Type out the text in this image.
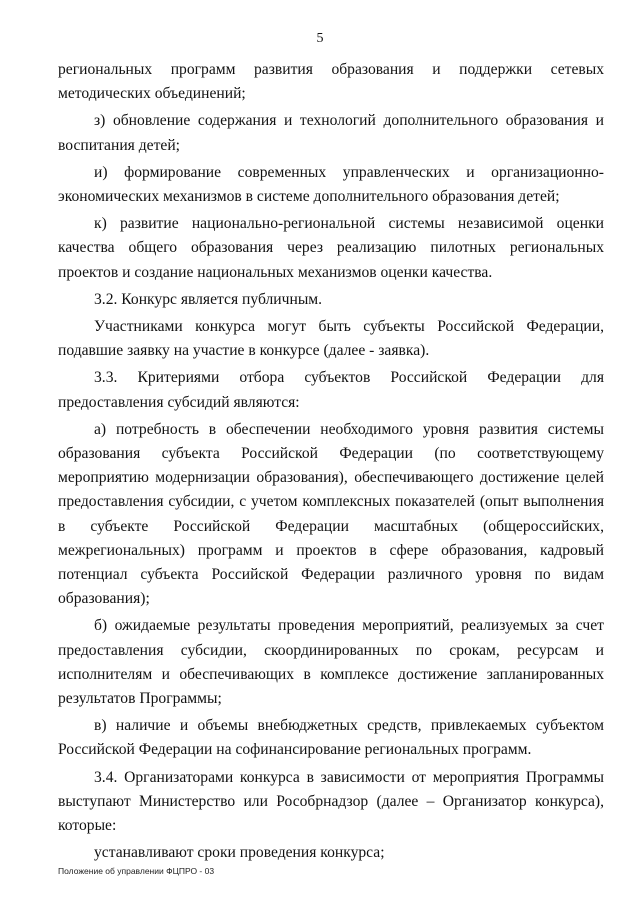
5

региональных программ развития образования и поддержки сетевых методических объединений;

з) обновление содержания и технологий дополнительного образования и воспитания детей;

и) формирование современных управленческих и организационно-экономических механизмов в системе дополнительного образования детей;

к) развитие национально-региональной системы независимой оценки качества общего образования через реализацию пилотных региональных проектов и создание национальных механизмов оценки качества.

3.2. Конкурс является публичным.

Участниками конкурса могут быть субъекты Российской Федерации, подавшие заявку на участие в конкурсе (далее - заявка).

3.3. Критериями отбора субъектов Российской Федерации для предоставления субсидий являются:

а) потребность в обеспечении необходимого уровня развития системы образования субъекта Российской Федерации (по соответствующему мероприятию модернизации образования), обеспечивающего достижение целей предоставления субсидии, с учетом комплексных показателей (опыт выполнения в субъекте Российской Федерации масштабных (общероссийских, межрегиональных) программ и проектов в сфере образования, кадровый потенциал субъекта Российской Федерации различного уровня по видам образования);

б) ожидаемые результаты проведения мероприятий, реализуемых за счет предоставления субсидии, скоординированных по срокам, ресурсам и исполнителям и обеспечивающих в комплексе достижение запланированных результатов Программы;

в) наличие и объемы внебюджетных средств, привлекаемых субъектом Российской Федерации на софинансирование региональных программ.

3.4. Организаторами конкурса в зависимости от мероприятия Программы выступают Министерство или Рособрнадзор (далее – Организатор конкурса), которые:

устанавливают сроки проведения конкурса;

Положение об управлении ФЦПРО - 03
